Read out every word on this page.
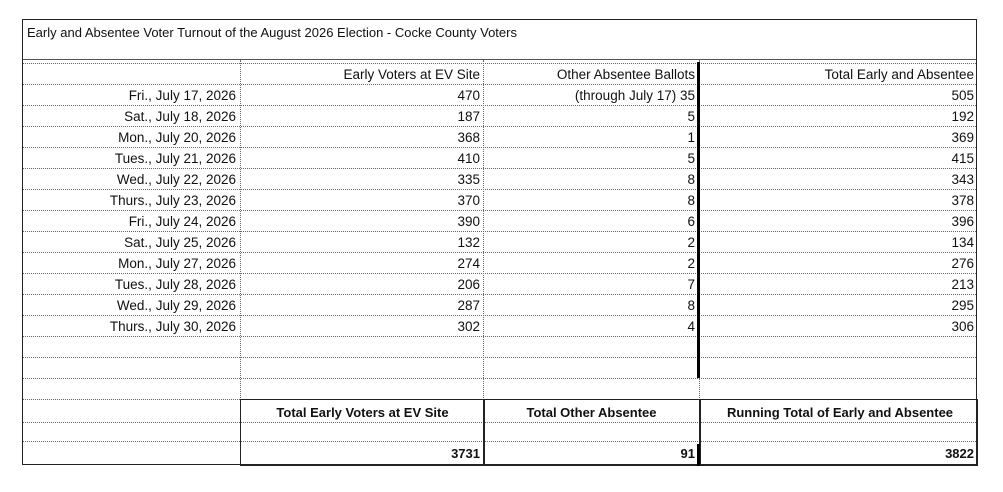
Early and Absentee Voter Turnout of the August 2026 Election - Cocke County Voters
Early Voters at EV Site	Other Absentee Ballots	Total Early and Absentee
Fri., July 17, 2026	470	(through July 17) 35	505
Sat., July 18, 2026	187	5	192
Mon., July 20, 2026	368	1	369
Tues., July 21, 2026	410	5	415
Wed., July 22, 2026	335	8	343
Thurs., July 23, 2026	370	8	378
Fri., July 24, 2026	390	6	396
Sat., July 25, 2026	132	2	134
Mon., July 27, 2026	274	2	276
Tues., July 28, 2026	206	7	213
Wed., July 29, 2026	287	8	295
Thurs., July 30, 2026	302	4	306
Total Early Voters at EV Site	Total Other Absentee	Running Total of Early and Absentee
3731	91	3822
